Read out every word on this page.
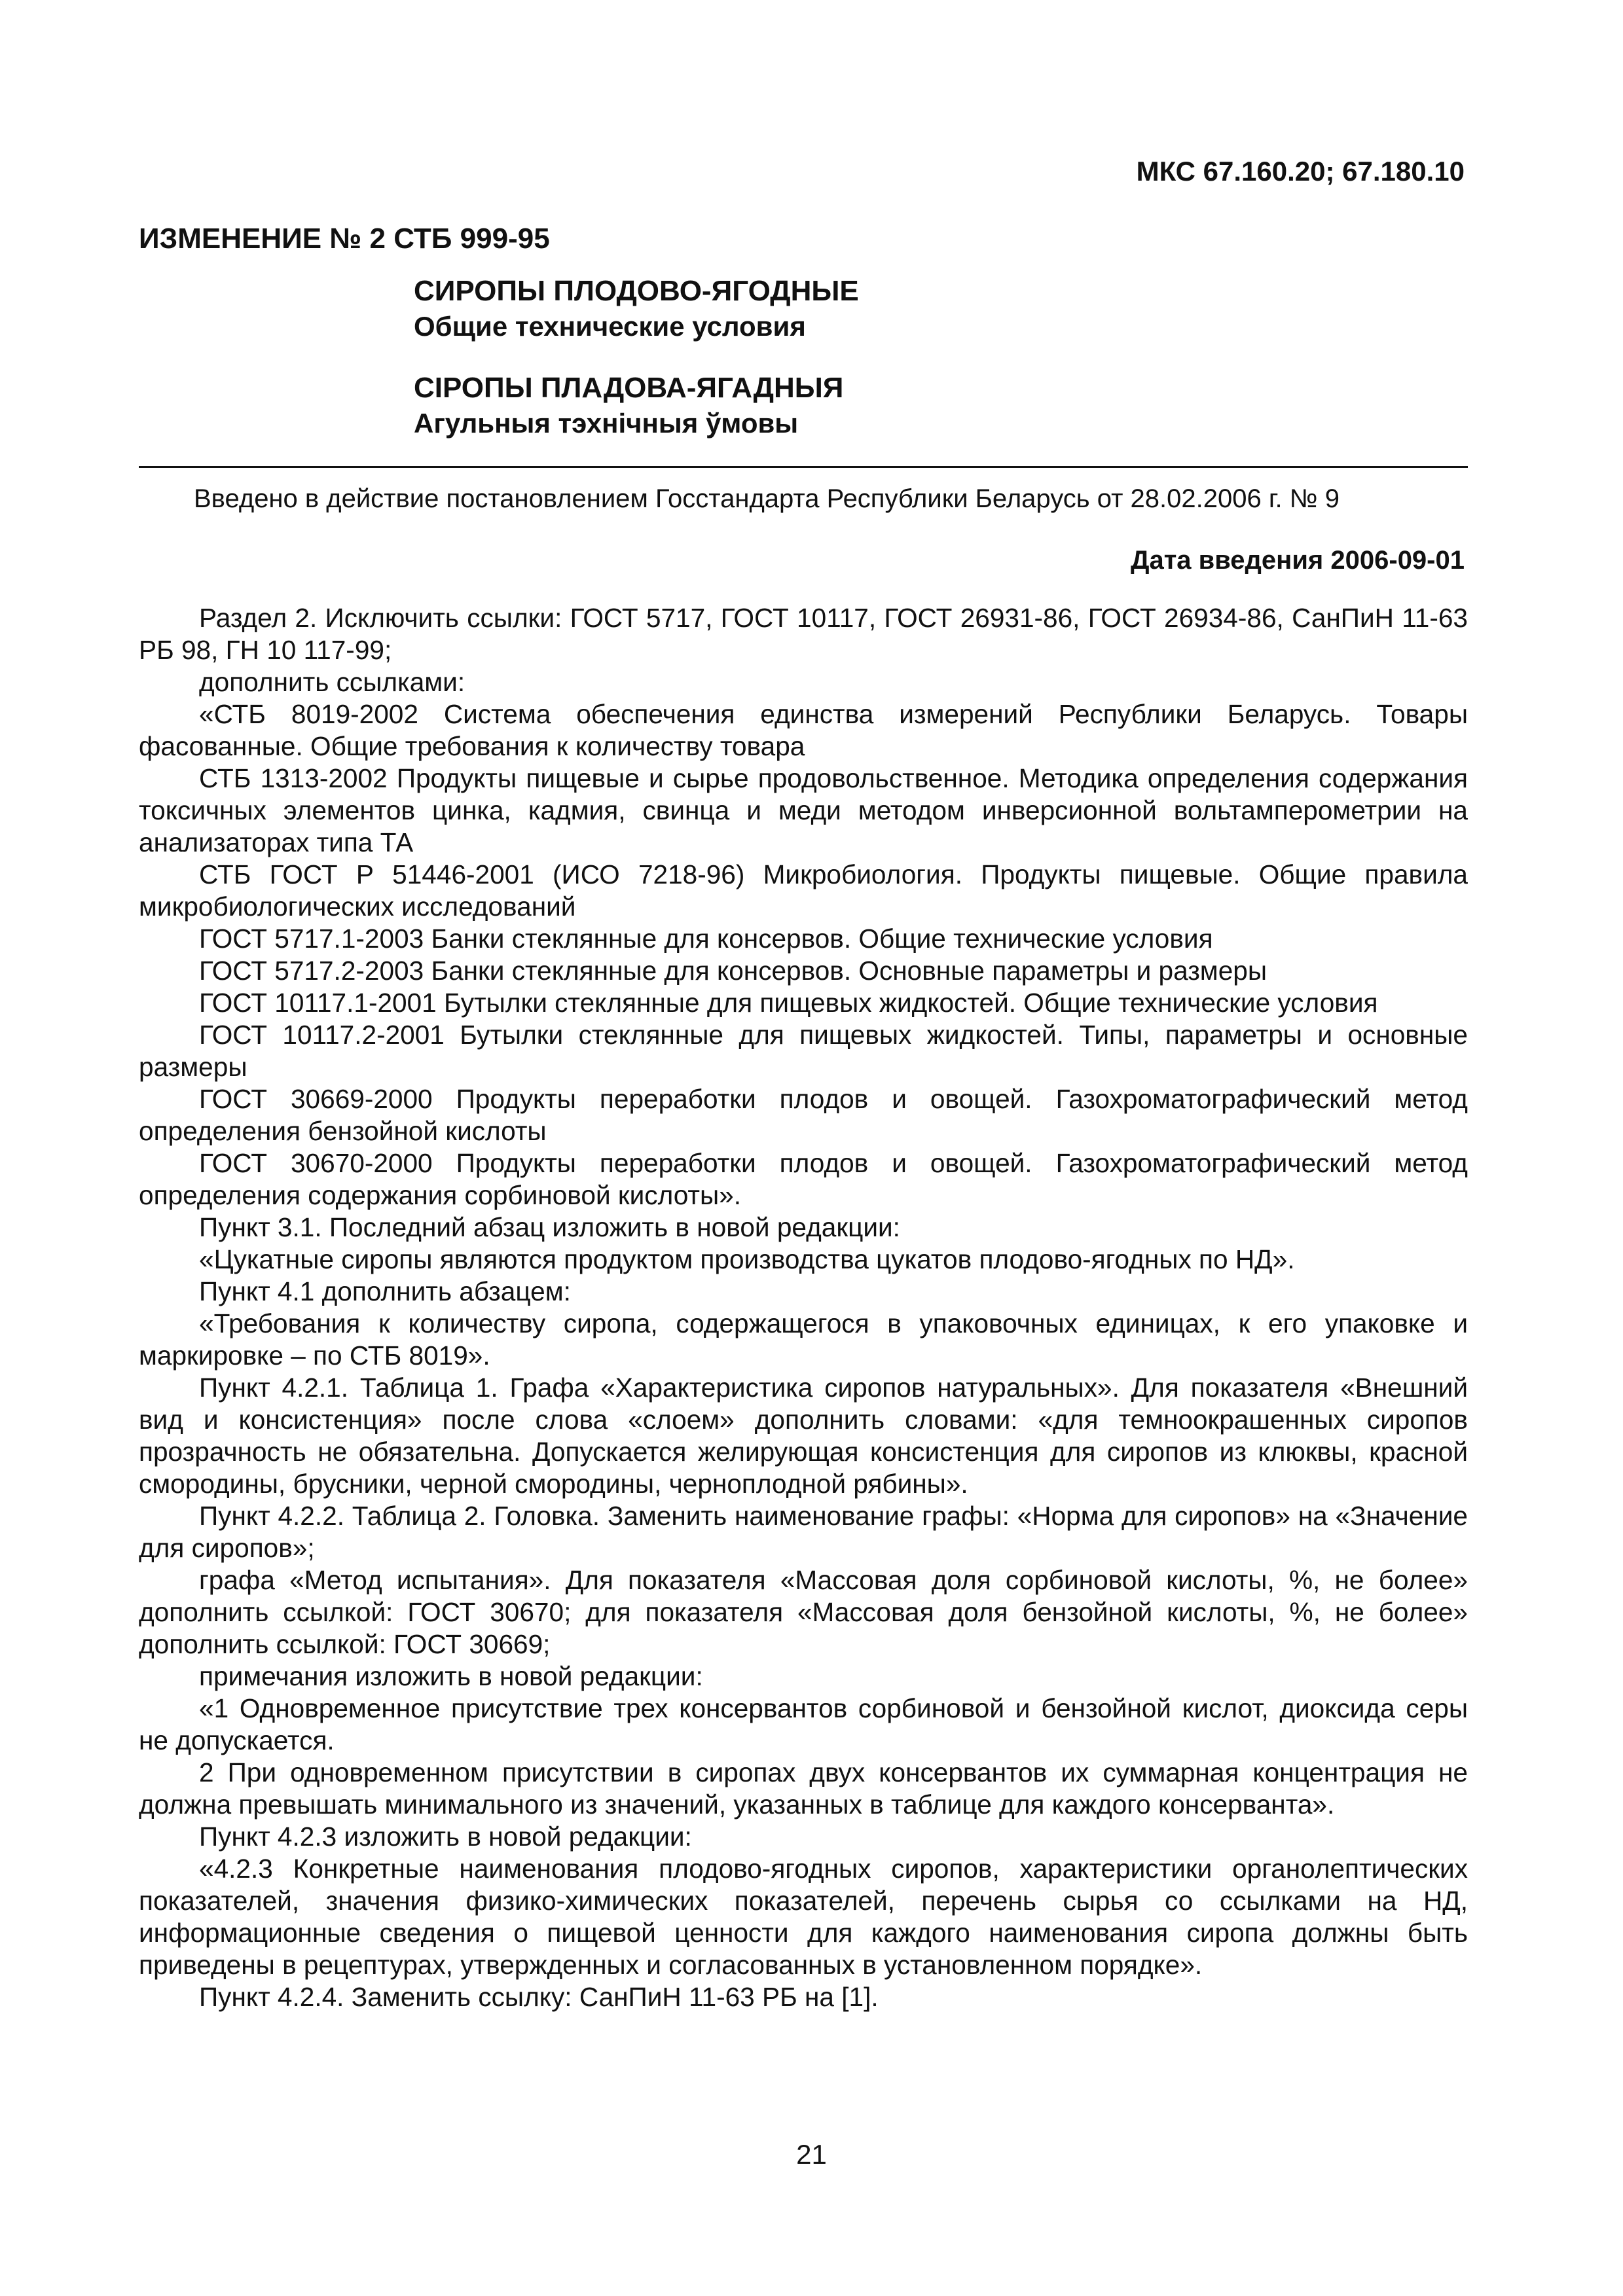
МКС 67.160.20; 67.180.10
ИЗМЕНЕНИЕ № 2 СТБ 999-95
СИРОПЫ ПЛОДОВО-ЯГОДНЫЕ
Общие технические условия
СІРОПЫ ПЛАДОВА-ЯГАДНЫЯ
Агульныя тэхнічныя ўмовы
Введено в действие постановлением Госстандарта Республики Беларусь от 28.02.2006 г. № 9
Дата введения 2006-09-01

Раздел 2. Исключить ссылки: ГОСТ 5717, ГОСТ 10117, ГОСТ 26931-86, ГОСТ 26934-86, СанПиН 11-63 РБ 98, ГН 10 117-99;

дополнить ссылками:

«СТБ 8019-2002 Система обеспечения единства измерений Республики Беларусь. Товары фасованные. Общие требования к количеству товара

СТБ 1313-2002 Продукты пищевые и сырье продовольственное. Методика определения содержания токсичных элементов цинка, кадмия, свинца и меди методом инверсионной вольтамперометрии на анализаторах типа ТА

СТБ ГОСТ Р 51446-2001 (ИСО 7218-96) Микробиология. Продукты пищевые. Общие правила микробиологических исследований

ГОСТ 5717.1-2003 Банки стеклянные для консервов. Общие технические условия

ГОСТ 5717.2-2003 Банки стеклянные для консервов. Основные параметры и размеры

ГОСТ 10117.1-2001 Бутылки стеклянные для пищевых жидкостей. Общие технические условия

ГОСТ 10117.2-2001 Бутылки стеклянные для пищевых жидкостей. Типы, параметры и основные размеры

ГОСТ 30669-2000 Продукты переработки плодов и овощей. Газохроматографический метод определения бензойной кислоты

ГОСТ 30670-2000 Продукты переработки плодов и овощей. Газохроматографический метод определения содержания сорбиновой кислоты».

Пункт 3.1. Последний абзац изложить в новой редакции:

«Цукатные сиропы являются продуктом производства цукатов плодово-ягодных по НД».

Пункт 4.1 дополнить абзацем:

«Требования к количеству сиропа, содержащегося в упаковочных единицах, к его упаковке и маркировке – по СТБ 8019».

Пункт 4.2.1. Таблица 1. Графа «Характеристика сиропов натуральных». Для показателя «Внешний вид и консистенция» после слова «слоем» дополнить словами: «для темноокрашенных сиропов прозрачность не обязательна. Допускается желирующая консистенция для сиропов из клюквы, красной смородины, брусники, черной смородины, черноплодной рябины».

Пункт 4.2.2. Таблица 2. Головка. Заменить наименование графы: «Норма для сиропов» на «Значение для сиропов»;

графа «Метод испытания». Для показателя «Массовая доля сорбиновой кислоты, %, не более» дополнить ссылкой: ГОСТ 30670; для показателя «Массовая доля бензойной кислоты, %, не более» дополнить ссылкой: ГОСТ 30669;

примечания изложить в новой редакции:

«1 Одновременное присутствие трех консервантов сорбиновой и бензойной кислот, диоксида серы не допускается.

2 При одновременном присутствии в сиропах двух консервантов их суммарная концентрация не должна превышать минимального из значений, указанных в таблице для каждого консерванта».

Пункт 4.2.3 изложить в новой редакции:

«4.2.3 Конкретные наименования плодово-ягодных сиропов, характеристики органолептических показателей, значения физико-химических показателей, перечень сырья со ссылками на НД, информационные сведения о пищевой ценности для каждого наименования сиропа должны быть приведены в рецептурах, утвержденных и согласованных в установленном порядке».

Пункт 4.2.4. Заменить ссылку: СанПиН 11-63 РБ на [1].

21
